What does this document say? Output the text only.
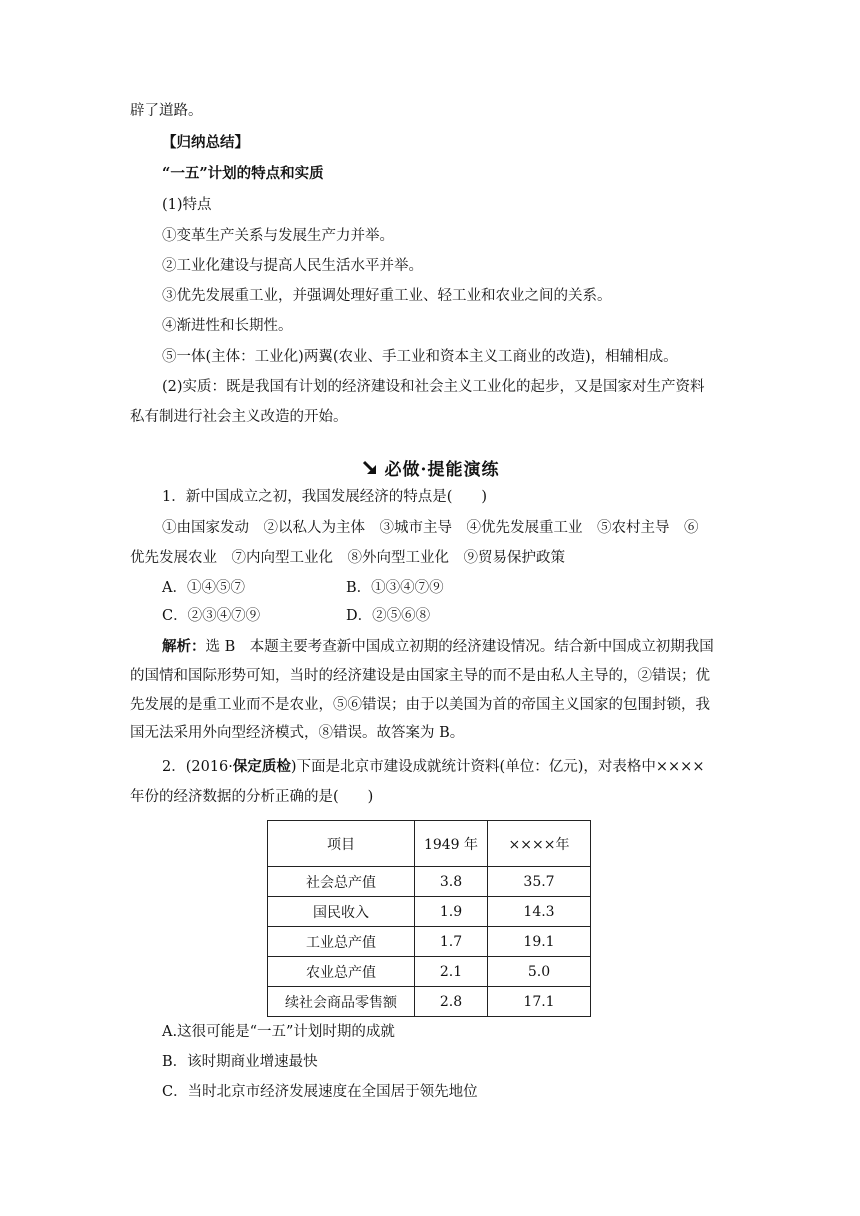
辟了道路。
【归纳总结】
“一五”计划的特点和实质
(1)特点
①变革生产关系与发展生产力并举。
②工业化建设与提高人民生活水平并举。
③优先发展重工业，并强调处理好重工业、轻工业和农业之间的关系。
④渐进性和长期性。
⑤一体(主体：工业化)两翼(农业、手工业和资本主义工商业的改造)，相辅相成。
(2)实质：既是我国有计划的经济建设和社会主义工业化的起步，又是国家对生产资料
私有制进行社会主义改造的开始。
必做·提能演练
1．新中国成立之初，我国发展经济的特点是(　　)
①由国家发动　②以私人为主体　③城市主导　④优先发展重工业　⑤农村主导　⑥
优先发展农业　⑦内向型工业化　⑧外向型工业化　⑨贸易保护政策
A．①④⑤⑦	B．①③④⑦⑨
C．②③④⑦⑨	D．②⑤⑥⑧
解析：选 B　本题主要考查新中国成立初期的经济建设情况。结合新中国成立初期我国
的国情和国际形势可知，当时的经济建设是由国家主导的而不是由私人主导的，②错误；优
先发展的是重工业而不是农业，⑤⑥错误；由于以美国为首的帝国主义国家的包围封锁，我
国无法采用外向型经济模式，⑧错误。故答案为 B。
2．(2016·保定质检)下面是北京市建设成就统计资料(单位：亿元)，对表格中××××
年份的经济数据的分析正确的是(　　)
项目	1949 年	××××年
社会总产值	3.8	35.7
国民收入	1.9	14.3
工业总产值	1.7	19.1
农业总产值	2.1	5.0
续社会商品零售额	2.8	17.1
A.这很可能是“一五”计划时期的成就
B．该时期商业增速最快
C．当时北京市经济发展速度在全国居于领先地位
